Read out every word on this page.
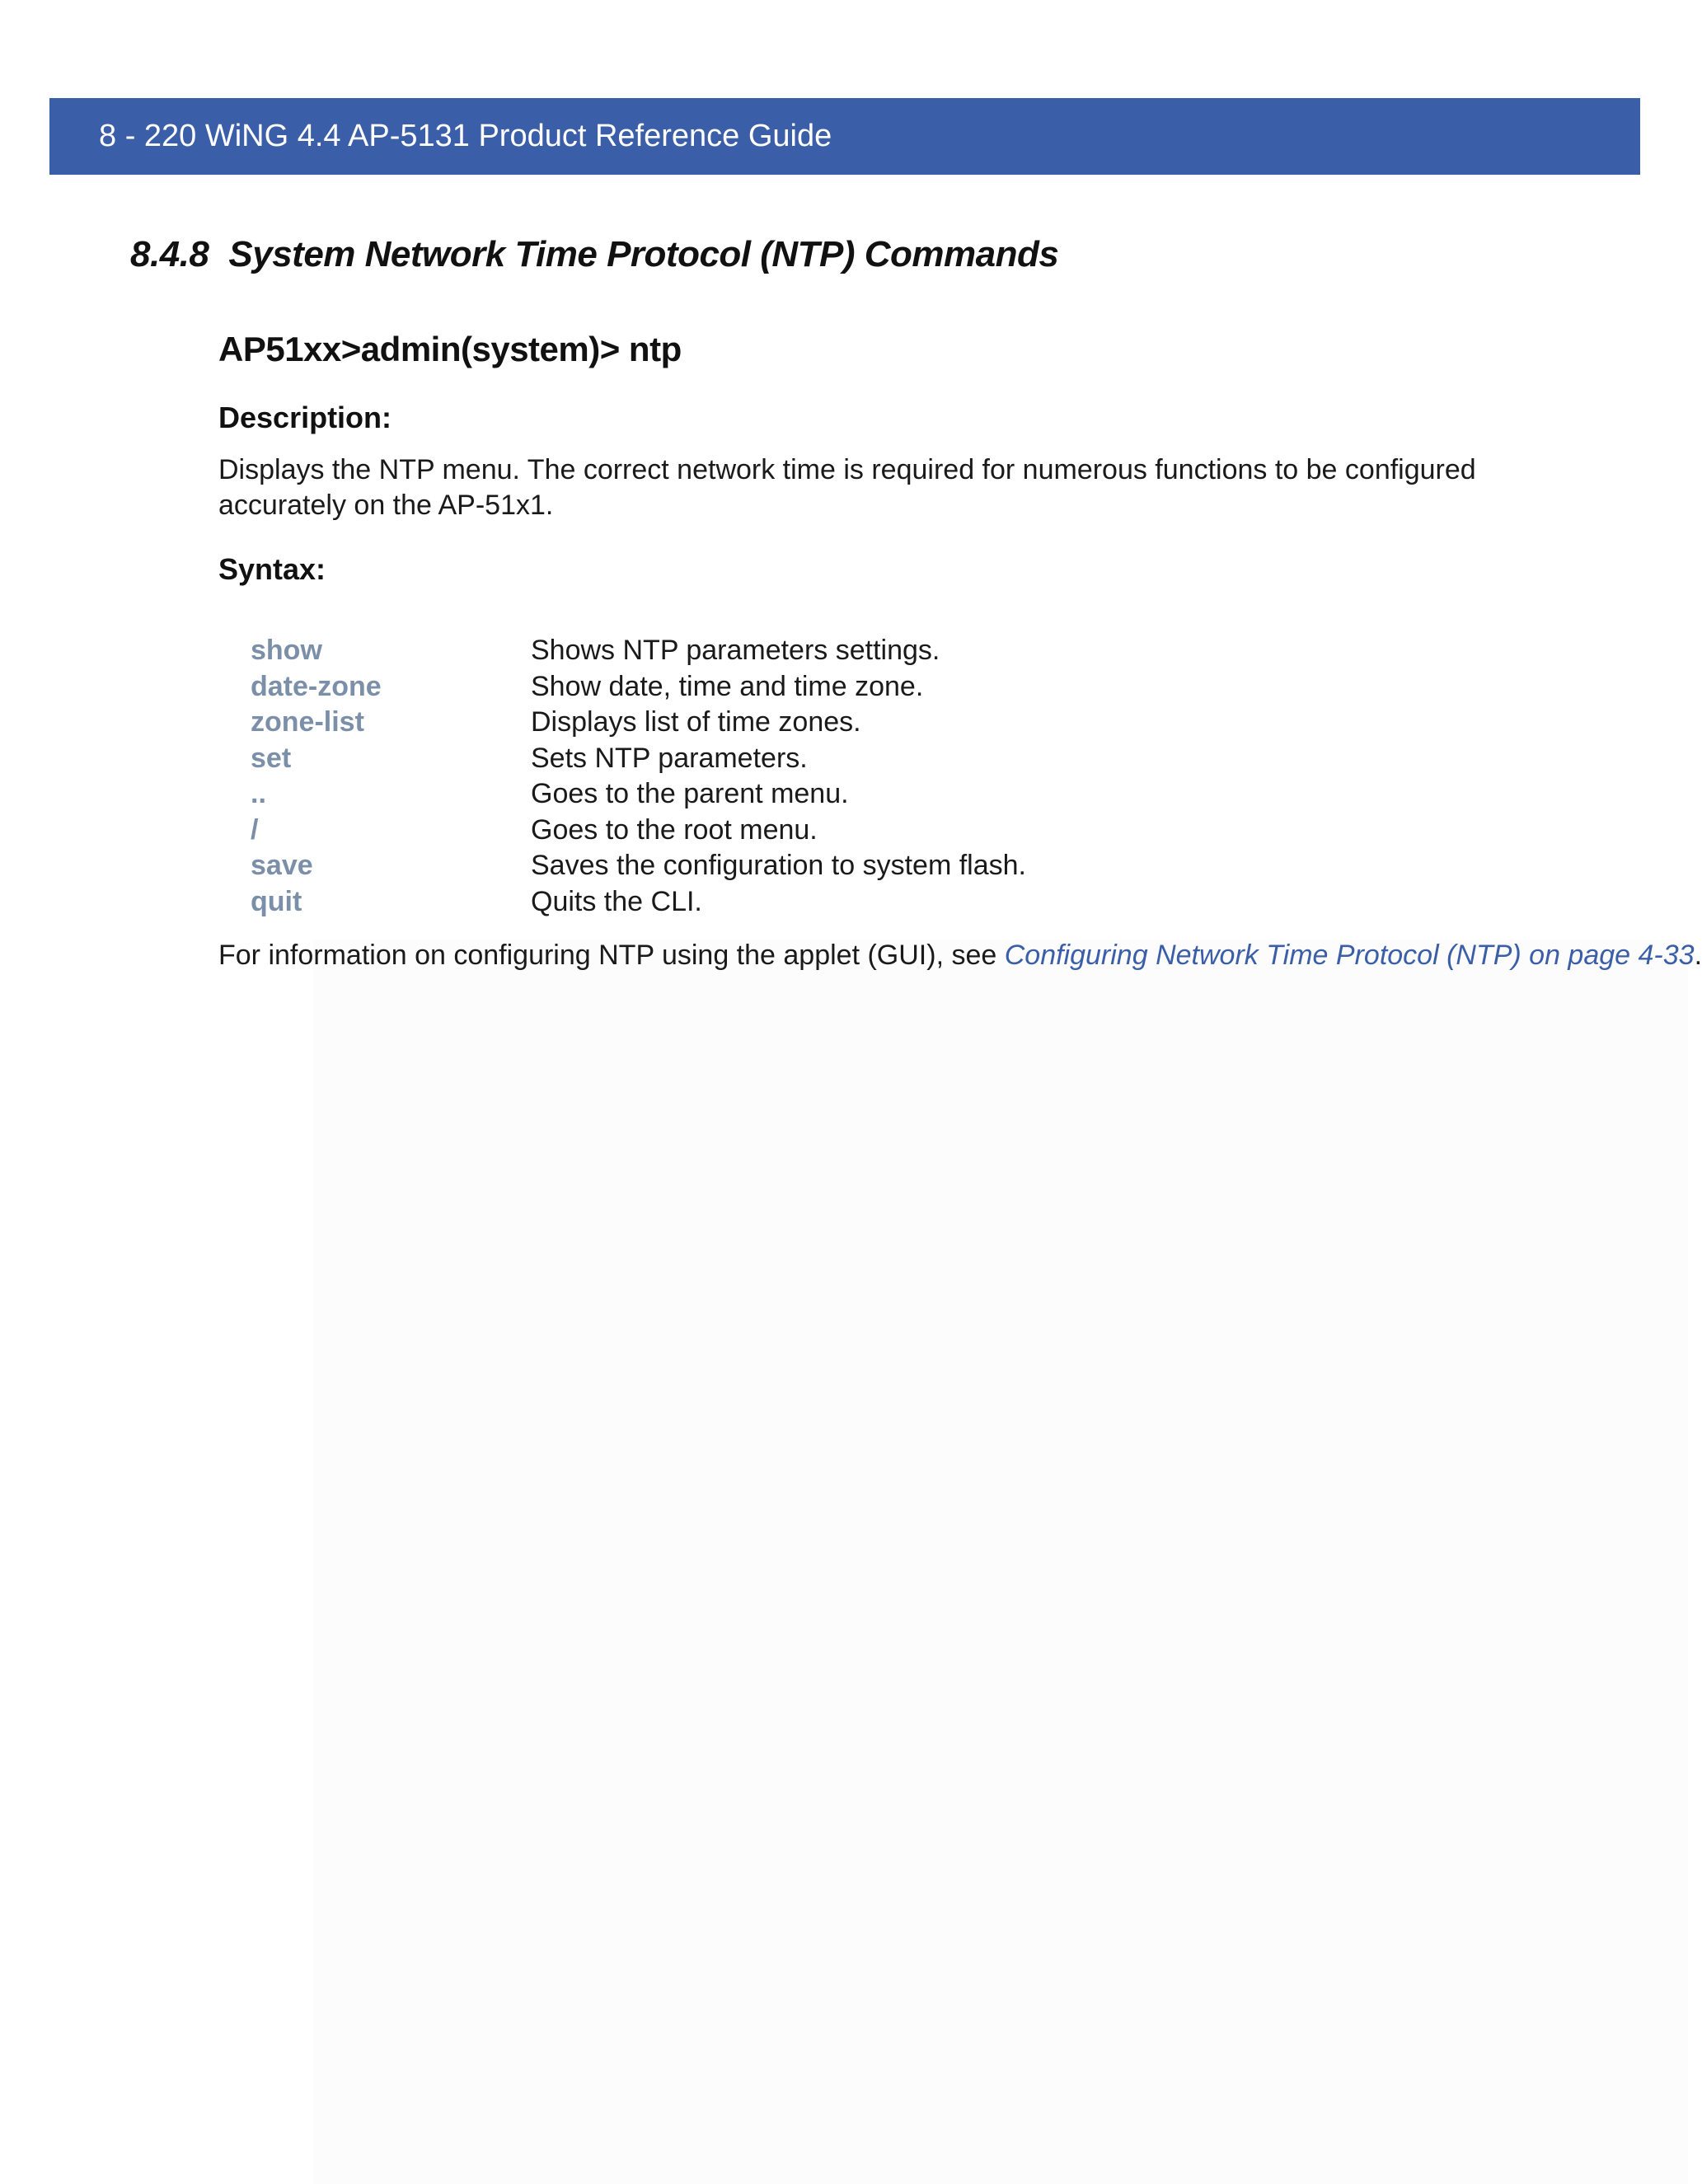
8 - 220 WiNG 4.4 AP-5131 Product Reference Guide
8.4.8 System Network Time Protocol (NTP) Commands
AP51xx>admin(system)> ntp
Description:
Displays the NTP menu. The correct network time is required for numerous functions to be configured accurately on the AP-51x1.
Syntax:
show	Shows NTP parameters settings.
date-zone	Show date, time and time zone.
zone-list	Displays list of time zones.
set	Sets NTP parameters.
..	Goes to the parent menu.
/	Goes to the root menu.
save	Saves the configuration to system flash.
quit	Quits the CLI.
For information on configuring NTP using the applet (GUI), see Configuring Network Time Protocol (NTP) on page 4-33.
